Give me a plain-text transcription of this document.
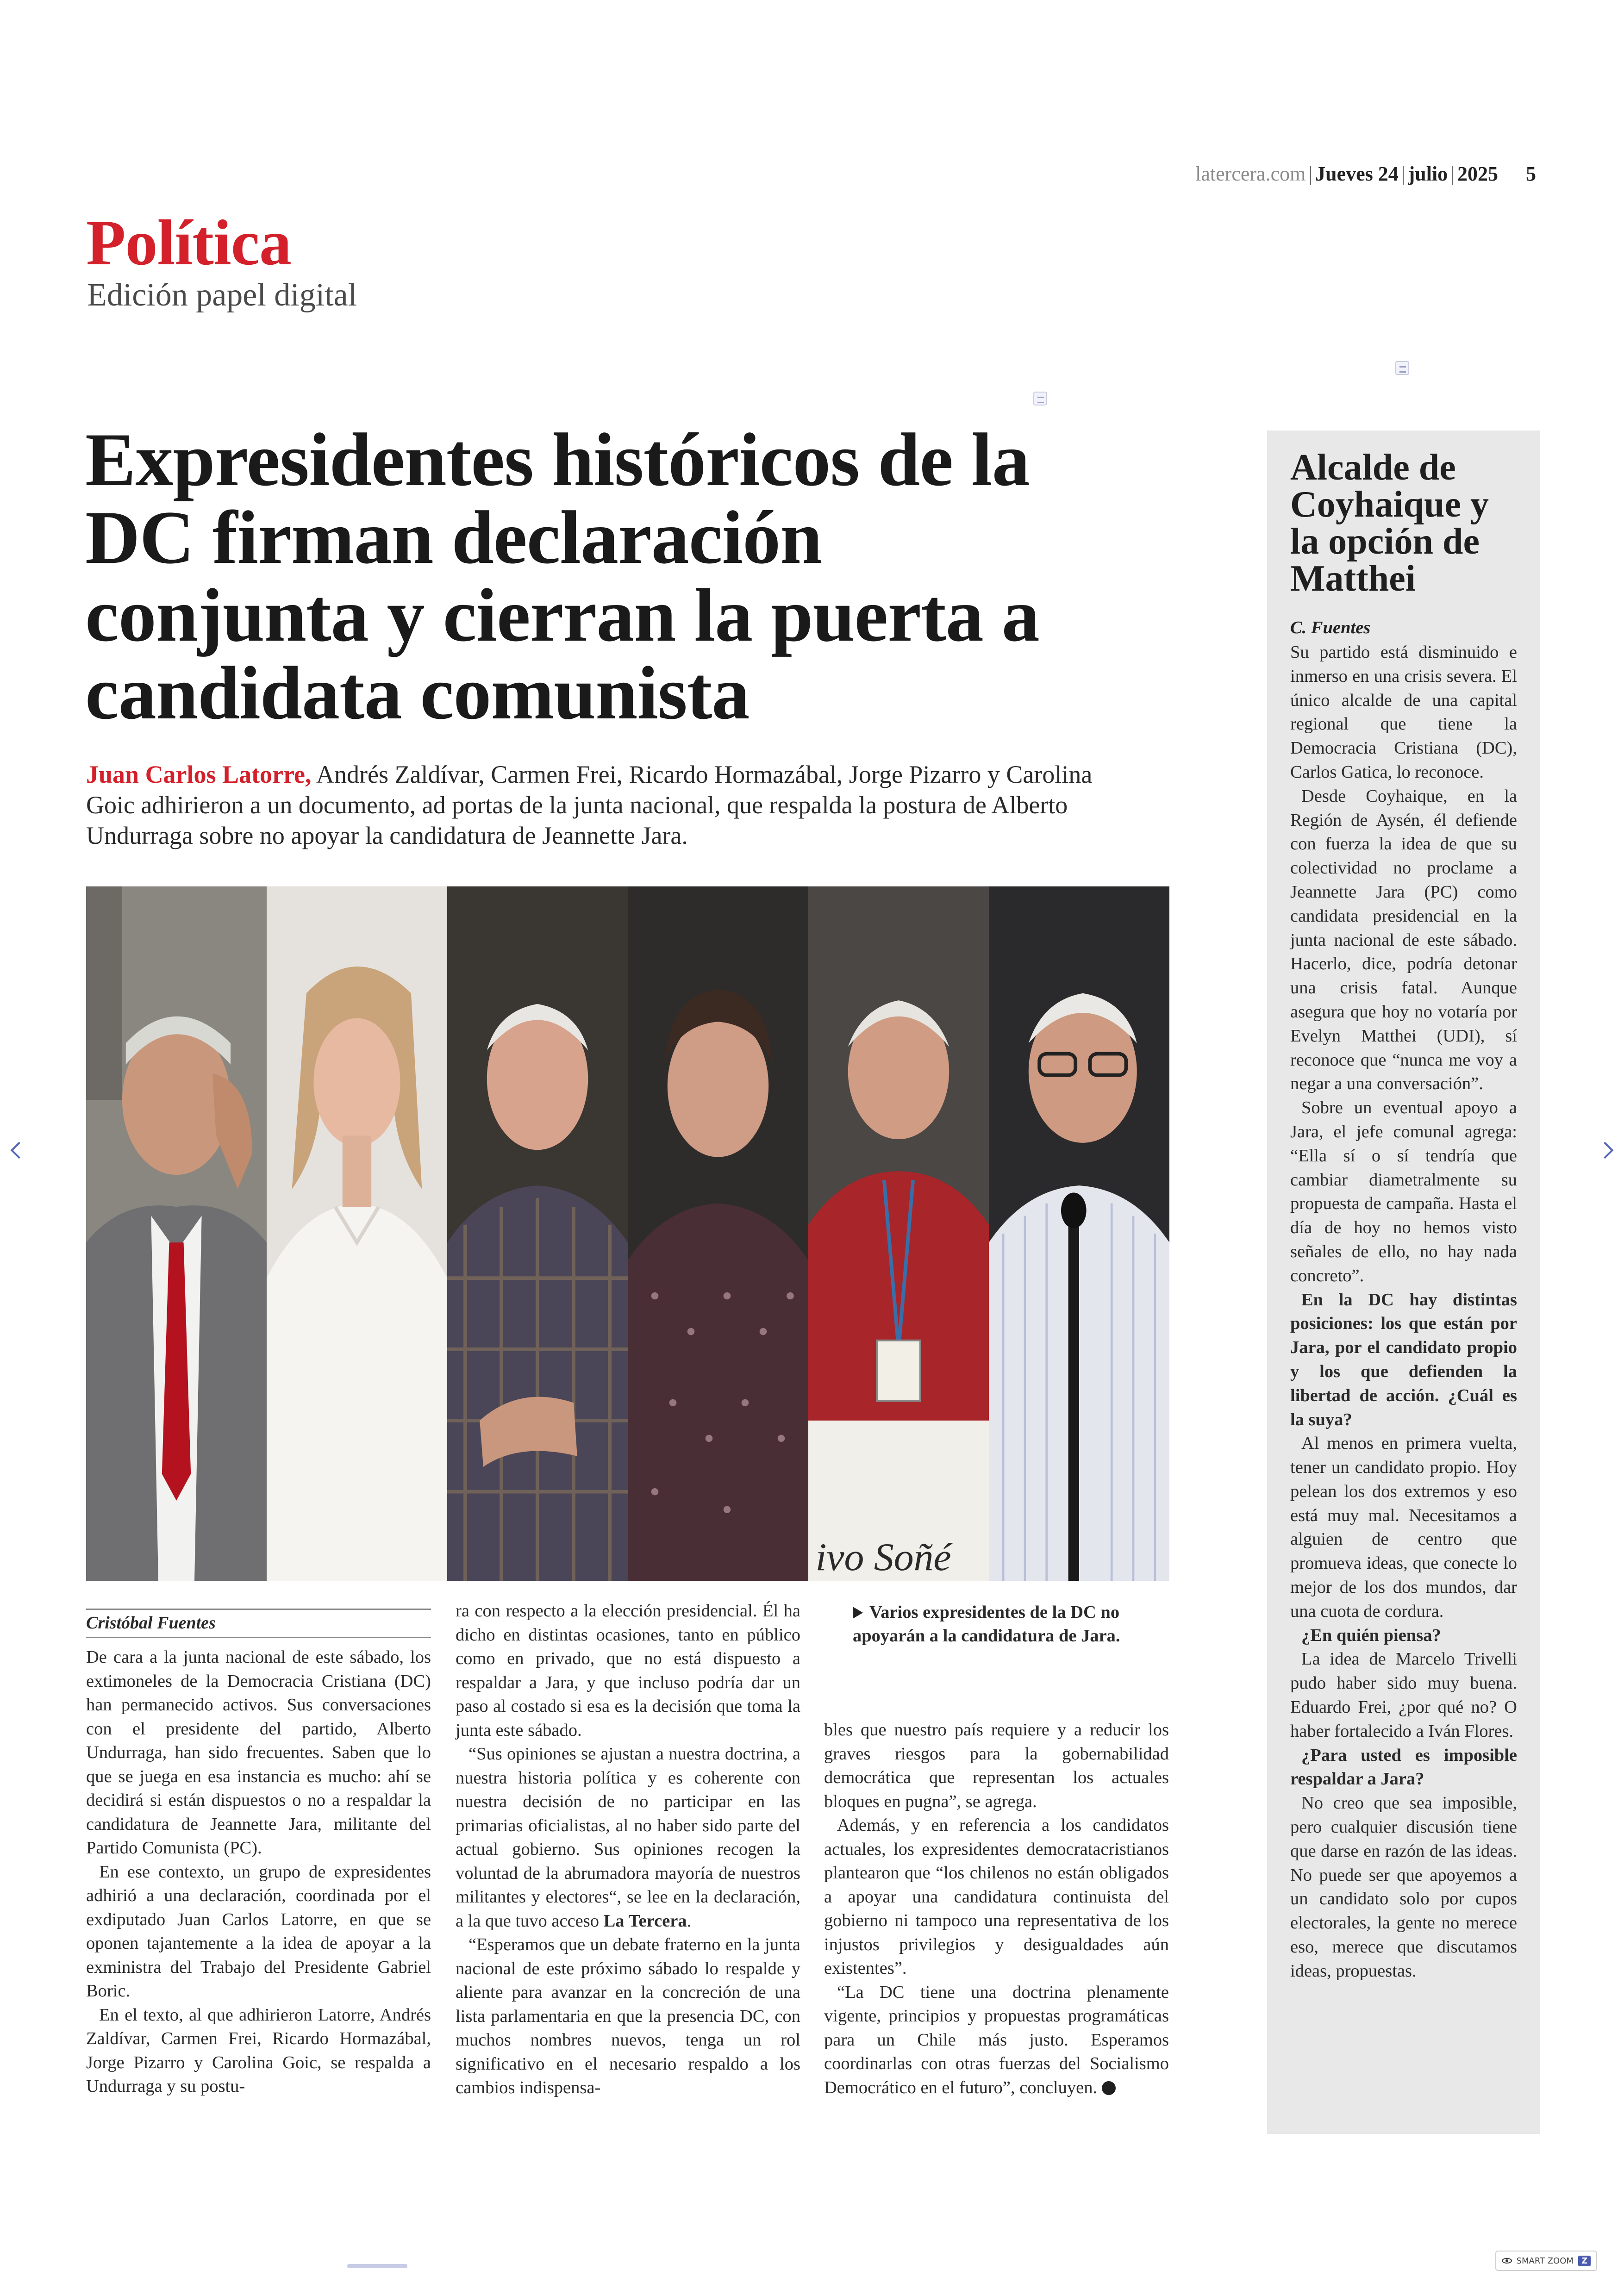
latercera.com | Jueves 24 | julio | 2025 5
Política
Edición papel digital
Expresidentes históricos de la DC firman declaración conjunta y cierran la puerta a candidata comunista
Juan Carlos Latorre, Andrés Zaldívar, Carmen Frei, Ricardo Hormazábal, Jorge Pizarro y Carolina Goic adhirieron a un documento, ad portas de la junta nacional, que respalda la postura de Alberto Undurraga sobre no apoyar la candidatura de Jeannette Jara.
ivo Soñé
Cristóbal Fuentes

De cara a la junta nacional de este sábado, los extimoneles de la Democracia Cristiana (DC) han permanecido activos. Sus conversaciones con el presidente del partido, Alberto Undurraga, han sido frecuentes. Saben que lo que se juega en esa instancia es mucho: ahí se decidirá si están dispuestos o no a respaldar la candidatura de Jeannette Jara, militante del Partido Comunista (PC).

En ese contexto, un grupo de expresidentes adhirió a una declaración, coordinada por el exdiputado Juan Carlos Latorre, en que se oponen tajantemente a la idea de apoyar a la exministra del Trabajo del Presidente Gabriel Boric.

En el texto, al que adhirieron Latorre, Andrés Zaldívar, Carmen Frei, Ricardo Hormazábal, Jorge Pizarro y Carolina Goic, se respalda a Undurraga y su postu-

ra con respecto a la elección presidencial. Él ha dicho en distintas ocasiones, tanto en público como en privado, que no está dispuesto a respaldar a Jara, y que incluso podría dar un paso al costado si esa es la decisión que toma la junta este sábado.

“Sus opiniones se ajustan a nuestra doctrina, a nuestra historia política y es coherente con nuestra decisión de no participar en las primarias oficialistas, al no haber sido parte del actual gobierno. Sus opiniones recogen la voluntad de la abrumadora mayoría de nuestros militantes y electores“, se lee en la declaración, a la que tuvo acceso La Tercera.

“Esperamos que un debate fraterno en la junta nacional de este próximo sábado lo respalde y aliente para avanzar en la concreción de una lista parlamentaria en que la presencia DC, con muchos nombres nuevos, tenga un rol significativo en el necesario respaldo a los cambios indispensa-

Varios expresidentes de la DC no apoyarán a la candidatura de Jara.

bles que nuestro país requiere y a reducir los graves riesgos para la gobernabilidad democrática que representan los actuales bloques en pugna”, se agrega.

Además, y en referencia a los candidatos actuales, los expresidentes democratacristianos plantearon que “los chilenos no están obligados a apoyar una candidatura continuista del gobierno ni tampoco una representativa de los injustos privilegios y desigualdades aún existentes”.

“La DC tiene una doctrina plenamente vigente, principios y propuestas programáticas para un Chile más justo. Esperamos coordinarlas con otras fuerzas del Socialismo Democrático en el futuro”, concluyen.

Alcalde de Coyhaique y la opción de Matthei
C. Fuentes

Su partido está disminuido e inmerso en una crisis severa. El único alcalde de una capital regional que tiene la Democracia Cristiana (DC), Carlos Gatica, lo reconoce.

Desde Coyhaique, en la Región de Aysén, él defiende con fuerza la idea de que su colectividad no proclame a Jeannette Jara (PC) como candidata presidencial en la junta nacional de este sábado. Hacerlo, dice, podría detonar una crisis fatal. Aunque asegura que hoy no votaría por Evelyn Matthei (UDI), sí reconoce que “nunca me voy a negar a una conversación”.

Sobre un eventual apoyo a Jara, el jefe comunal agrega: “Ella sí o sí tendría que cambiar diametralmente su propuesta de campaña. Hasta el día de hoy no hemos visto señales de ello, no hay nada concreto”.

En la DC hay distintas posiciones: los que están por Jara, por el candidato propio y los que defienden la libertad de acción. ¿Cuál es la suya?

Al menos en primera vuelta, tener un candidato propio. Hoy pelean los dos extremos y eso está muy mal. Necesitamos a alguien de centro que promueva ideas, que conecte lo mejor de los dos mundos, dar una cuota de cordura.

¿En quién piensa?

La idea de Marcelo Trivelli pudo haber sido muy buena. Eduardo Frei, ¿por qué no? O haber fortalecido a Iván Flores.

¿Para usted es imposible respaldar a Jara?

No creo que sea imposible, pero cualquier discusión tiene que darse en razón de las ideas. No puede ser que apoyemos a un candidato solo por cupos electorales, la gente no merece eso, merece que discutamos ideas, propuestas.

SMART ZOOM Z
